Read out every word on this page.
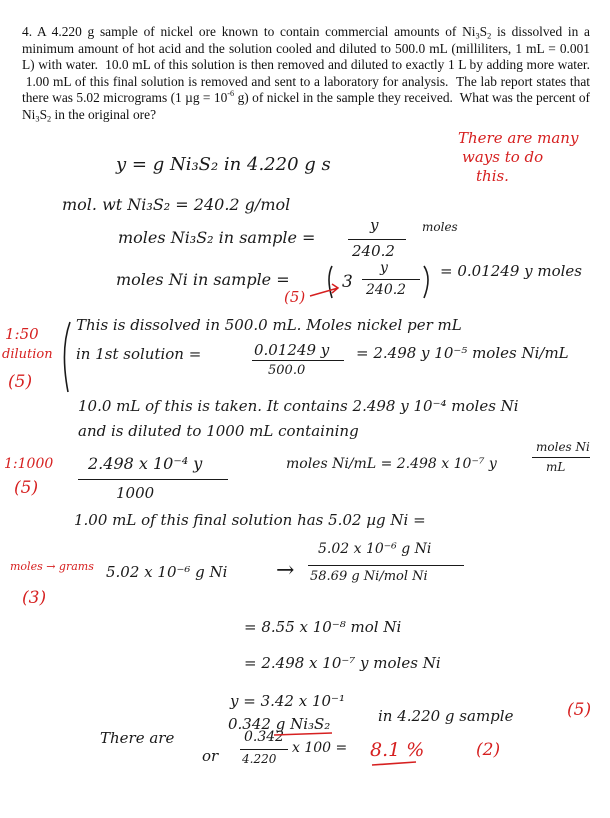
4. A 4.220 g sample of nickel ore known to contain commercial amounts of $Ni_3S_2$ is dissolved in a minimum amount of hot acid and the solution cooled and diluted to 500.0 mL (milliliters, 1 mL = 0.001 L) with water.  10.0 mL of this solution is then removed and diluted to exactly 1 L by adding more water.  1.00 mL of this final solution is removed and sent to a laboratory for analysis.  The lab report states that there was 5.02 micrograms (1 $\mu g = 10^{-6}$ g) of nickel in the sample they received.  What was the percent of $Ni_3S_2$ in the original ore?
There are many
ways to do
this.
1:50
dilution
(5)
1:1000
(5)
moles → grams
(3)
(5)
(5)
(2)
y = g Ni₃S₂ in 4.220 g s
mol. wt Ni₃S₂ = 240.2 g/mol
moles Ni₃S₂ in sample =
y
240.2
moles
moles Ni in sample =	3
y
240.2
= 0.01249 y moles
This is dissolved in 500.0 mL. Moles nickel per mL
in 1st solution =	0.01249 y
500.0
= 2.498 y 10⁻⁵ moles Ni/mL
10.0 mL of this is taken. It contains 2.498 y 10⁻⁴ moles Ni
and is diluted to 1000 mL containing
2.498 x 10⁻⁴ y
1000
moles Ni/mL = 2.498 x 10⁻⁷ y
moles Ni
mL
1.00 mL of this final solution has 5.02 µg Ni =
5.02 x 10⁻⁶ g Ni →
5.02 x 10⁻⁶ g Ni
58.69 g Ni/mol Ni
= 8.55 x 10⁻⁸ mol Ni
= 2.498 x 10⁻⁷ y moles Ni
y = 3.42 x 10⁻¹
There are
0.342 g Ni₃S₂	in 4.220 g sample
or
0.342
4.220
x 100 = 8.1 %
